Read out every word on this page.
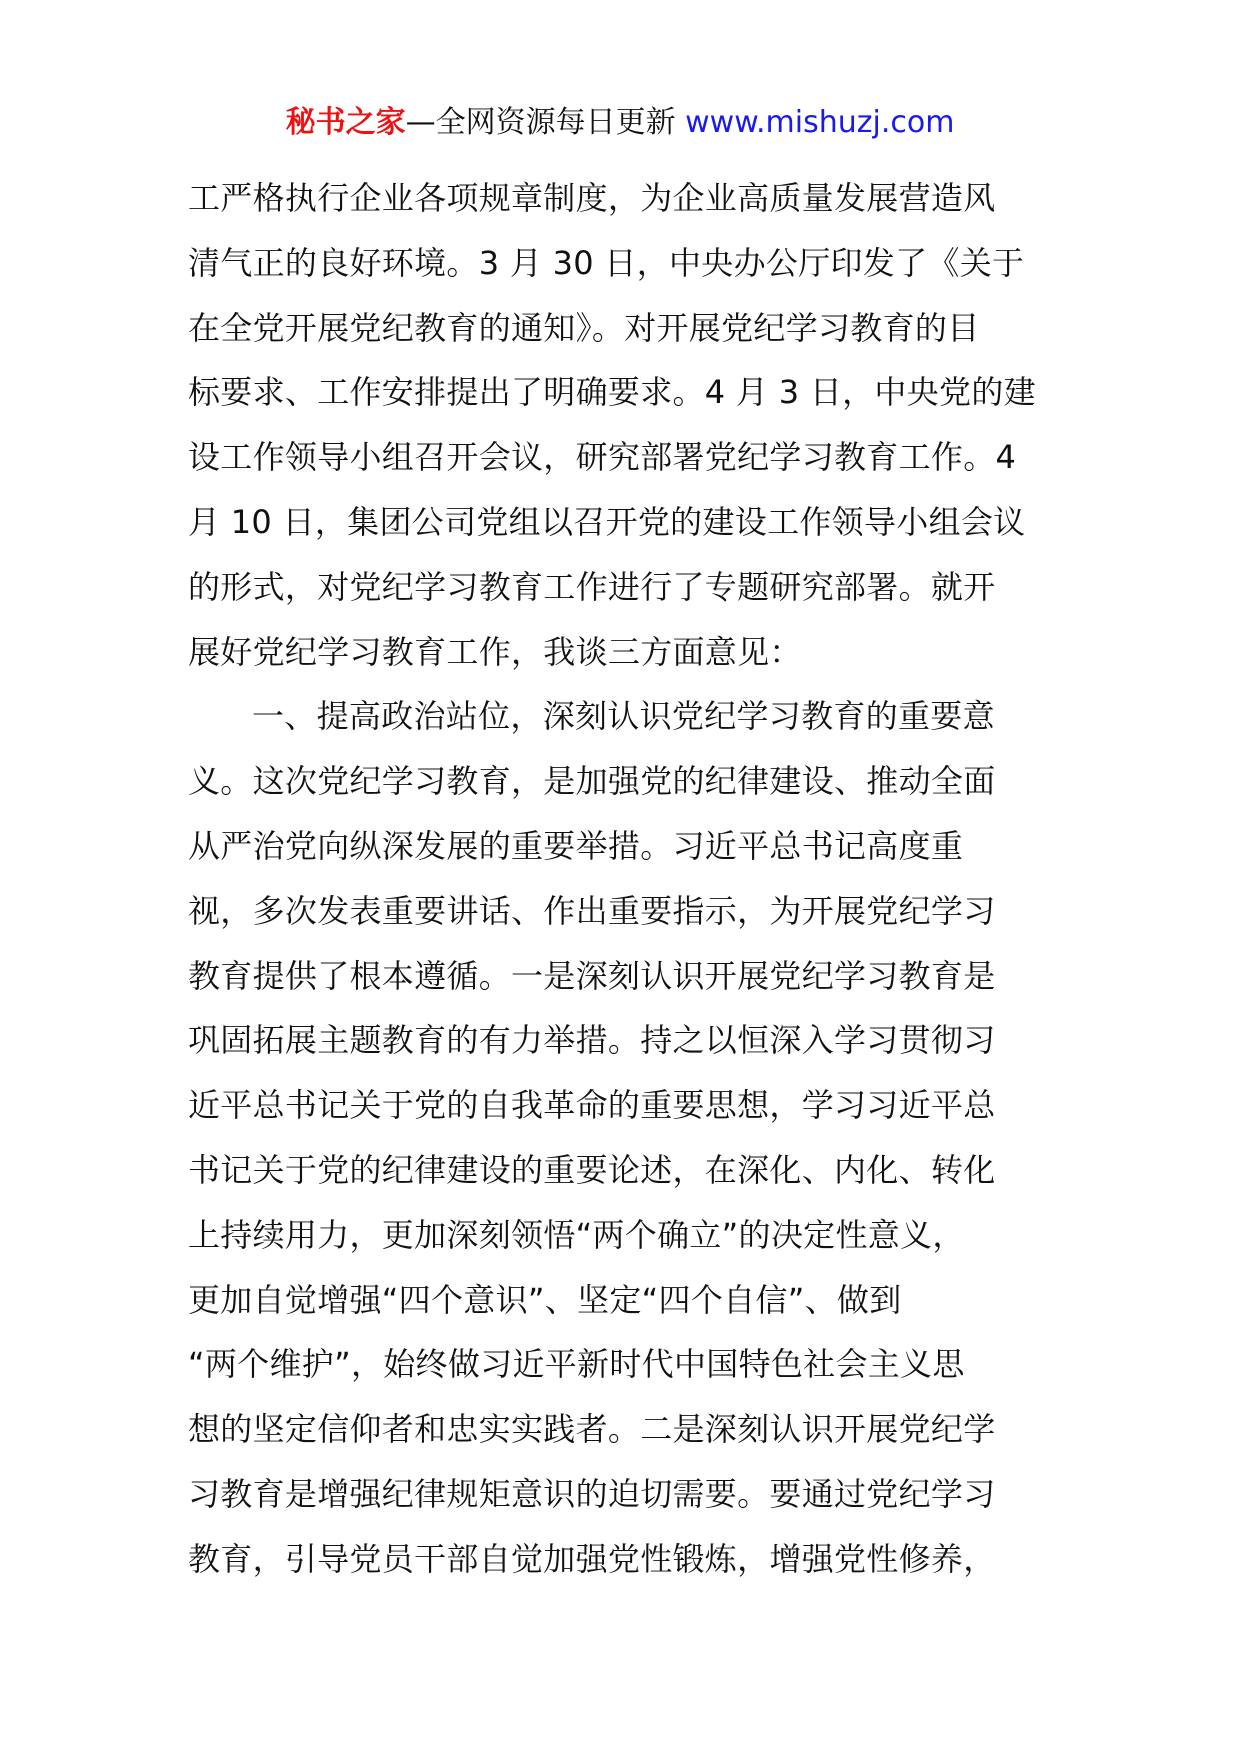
秘书之家—全网资源每日更新 www.mishuzj.com
工严格执行企业各项规章制度，为企业高质量发展营造风
清气正的良好环境。3 月 30 日，中央办公厅印发了《关于
在全党开展党纪教育的通知》。对开展党纪学习教育的目
标要求、工作安排提出了明确要求。4 月 3 日，中央党的建
设工作领导小组召开会议，研究部署党纪学习教育工作。4
月 10 日，集团公司党组以召开党的建设工作领导小组会议
的形式，对党纪学习教育工作进行了专题研究部署。就开
展好党纪学习教育工作，我谈三方面意见：
一、提高政治站位，深刻认识党纪学习教育的重要意
义。这次党纪学习教育，是加强党的纪律建设、推动全面
从严治党向纵深发展的重要举措。习近平总书记高度重
视，多次发表重要讲话、作出重要指示，为开展党纪学习
教育提供了根本遵循。一是深刻认识开展党纪学习教育是
巩固拓展主题教育的有力举措。持之以恒深入学习贯彻习
近平总书记关于党的自我革命的重要思想，学习习近平总
书记关于党的纪律建设的重要论述，在深化、内化、转化
上持续用力，更加深刻领悟“两个确立”的决定性意义，
更加自觉增强“四个意识”、坚定“四个自信”、做到
“两个维护”，始终做习近平新时代中国特色社会主义思
想的坚定信仰者和忠实实践者。二是深刻认识开展党纪学
习教育是增强纪律规矩意识的迫切需要。要通过党纪学习
教育，引导党员干部自觉加强党性锻炼，增强党性修养，
